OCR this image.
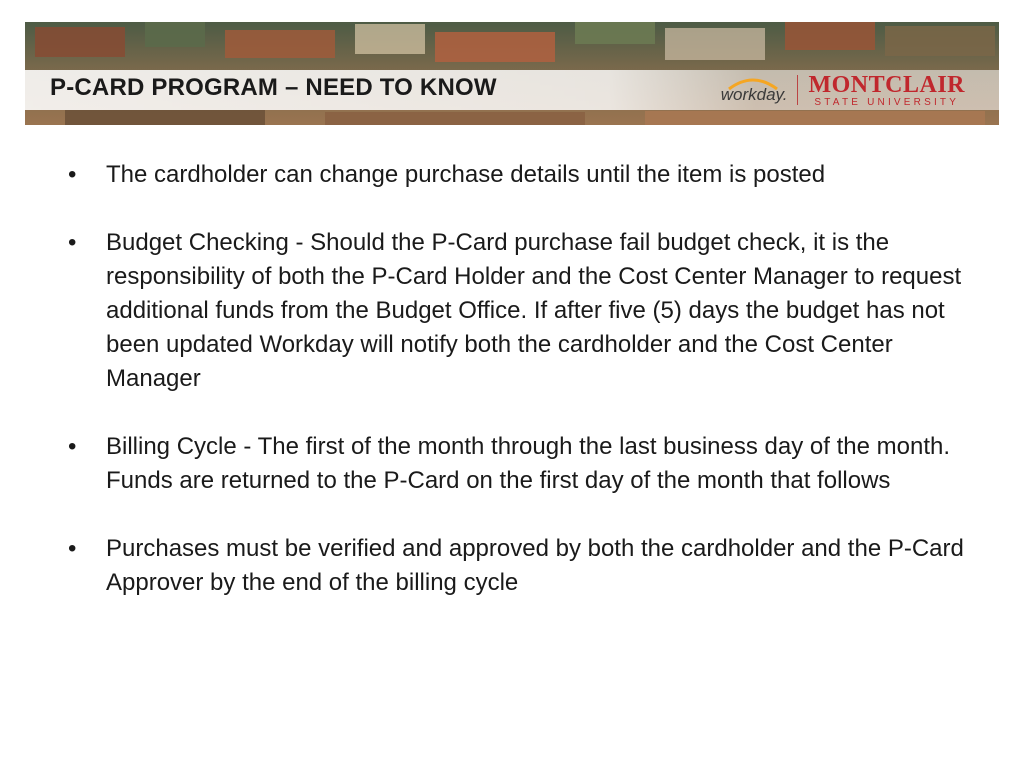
P-CARD PROGRAM – NEED TO KNOW	workday. MONTCLAIR
STATE UNIVERSITY
• The cardholder can change purchase details until the item is posted
• Budget Checking - Should the P-Card purchase fail budget check, it is the responsibility of both the P-Card Holder and the Cost Center Manager to request additional funds from the Budget Office. If after five (5) days the budget has not been updated Workday will notify both the cardholder and the Cost Center Manager
• Billing Cycle - The first of the month through the last business day of the month. Funds are returned to the P-Card on the first day of the month that follows
• Purchases must be verified and approved by both the cardholder and the P-Card Approver by the end of the billing cycle
